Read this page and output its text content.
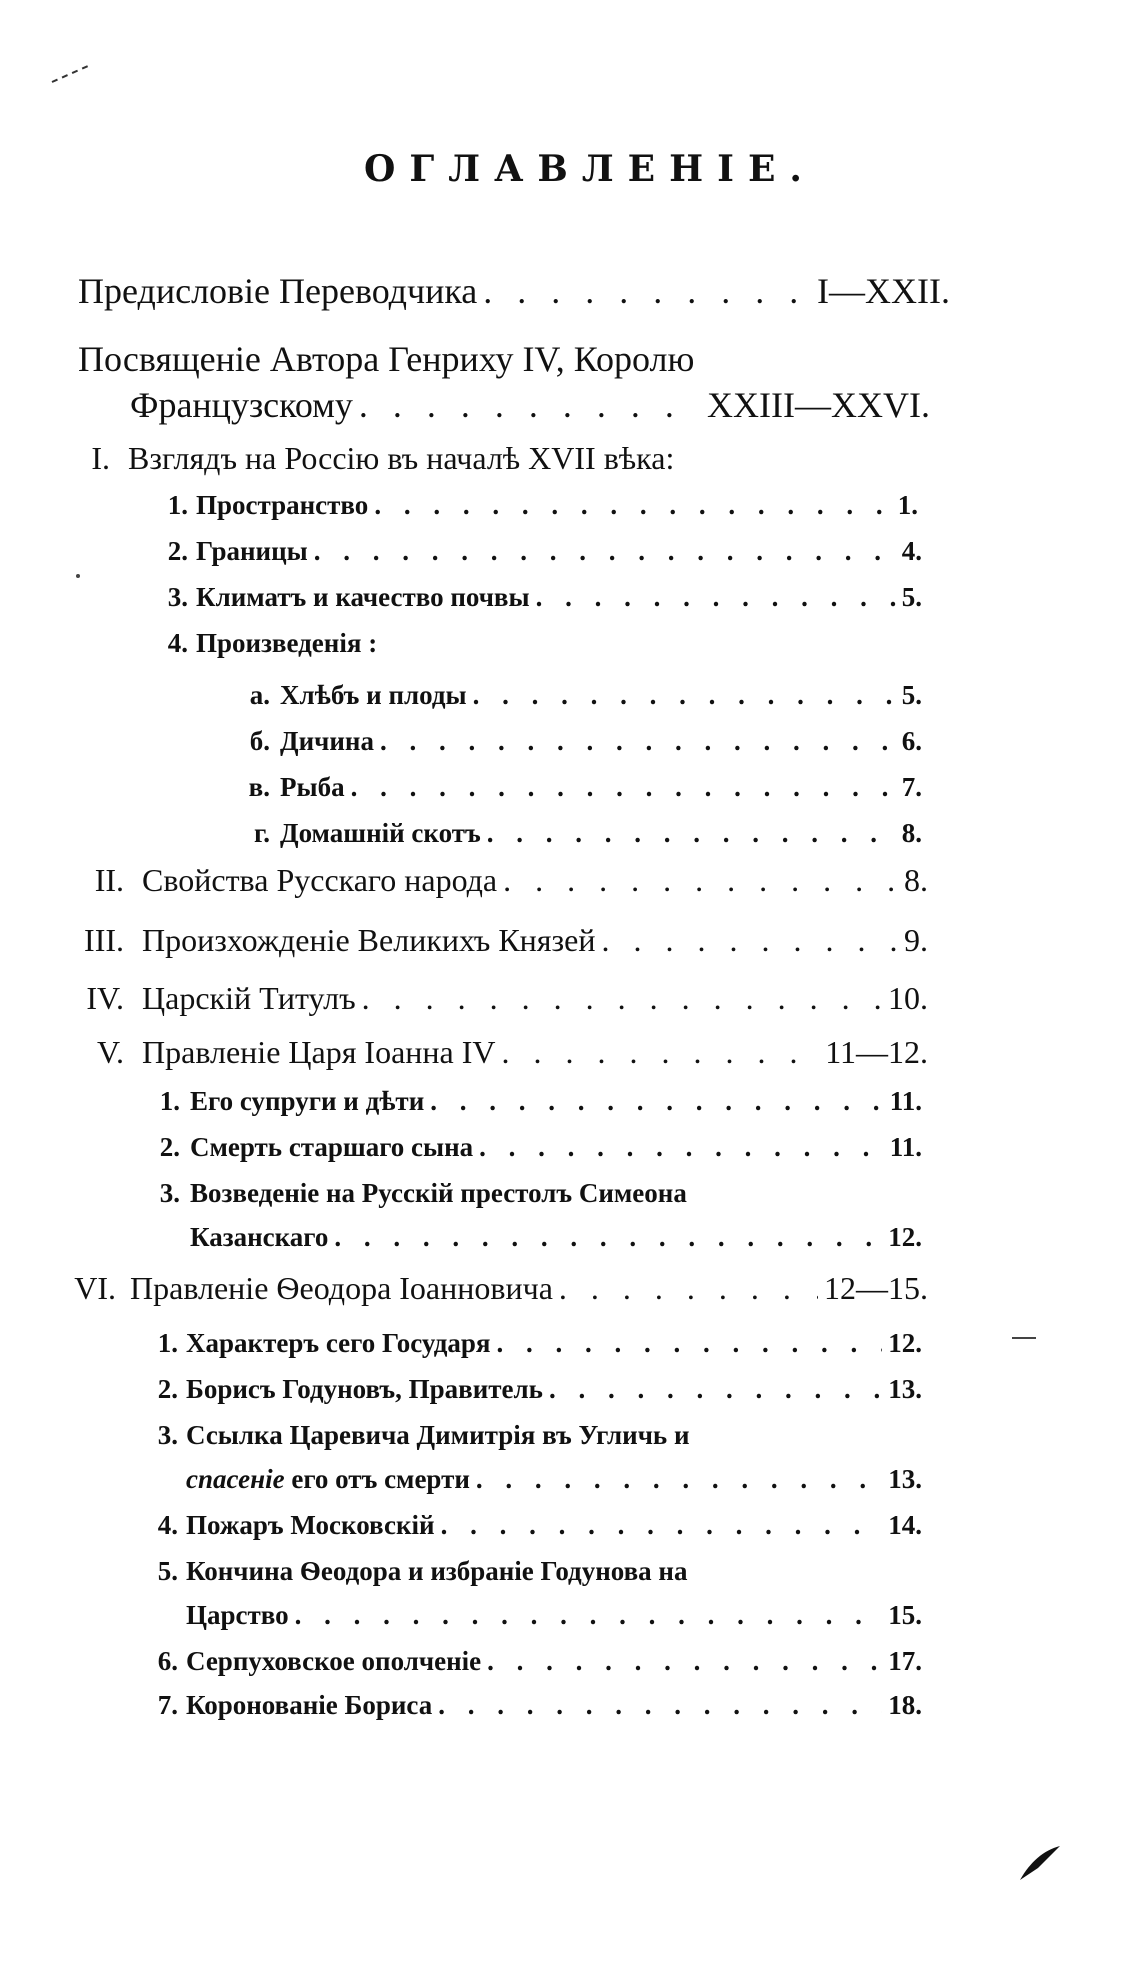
ОГЛАВЛЕНIЕ.
Предисловіе Переводчика . . .	I—XXII.
Посвященіе Автора Генриху IV, Королю
Французскому . . .	XXIII—XXVI.
I. Взглядъ на Россію въ началѣ XVII вѣка:
1. Пространство . . .	1.
2. Границы . . .	4.
3. Климатъ и качество почвы . . .	5.
4. Произведенія :
а. Хлѣбъ и плоды . . .	5.
б. Дичина . . .	6.
в. Рыба . . .	7.
г. Домашній скотъ . . .	8.
II. Свойства Русскаго народа . . .	8.
III. Произхожденіе Великихъ Князей . . .	9.
IV. Царскій Титулъ . . .	10.
V. Правленіе Царя Іоанна IV . . .	11—12.
1. Его супруги и дѣти . . .	11.
2. Смерть старшаго сына . . .	11.
3. Возведеніе на Русскій престолъ Симеона
Казанскаго . . .	12.
VI. Правленіе Ѳеодора Іоанновича . . .	12—15.
1. Характеръ сего Государя . . .	12.
2. Борисъ Годуновъ, Правитель . . .	13.
3. Ссылка Царевича Димитрія въ Угличь и
спасеніе его отъ смерти . . .	13.
4. Пожаръ Московскій . . .	14.
5. Кончина Ѳеодора и избраніе Годунова на
Царство . . .	15.
6. Серпуховское ополченіе . . .	17.
7. Коронованіе Бориса . . .	18.
